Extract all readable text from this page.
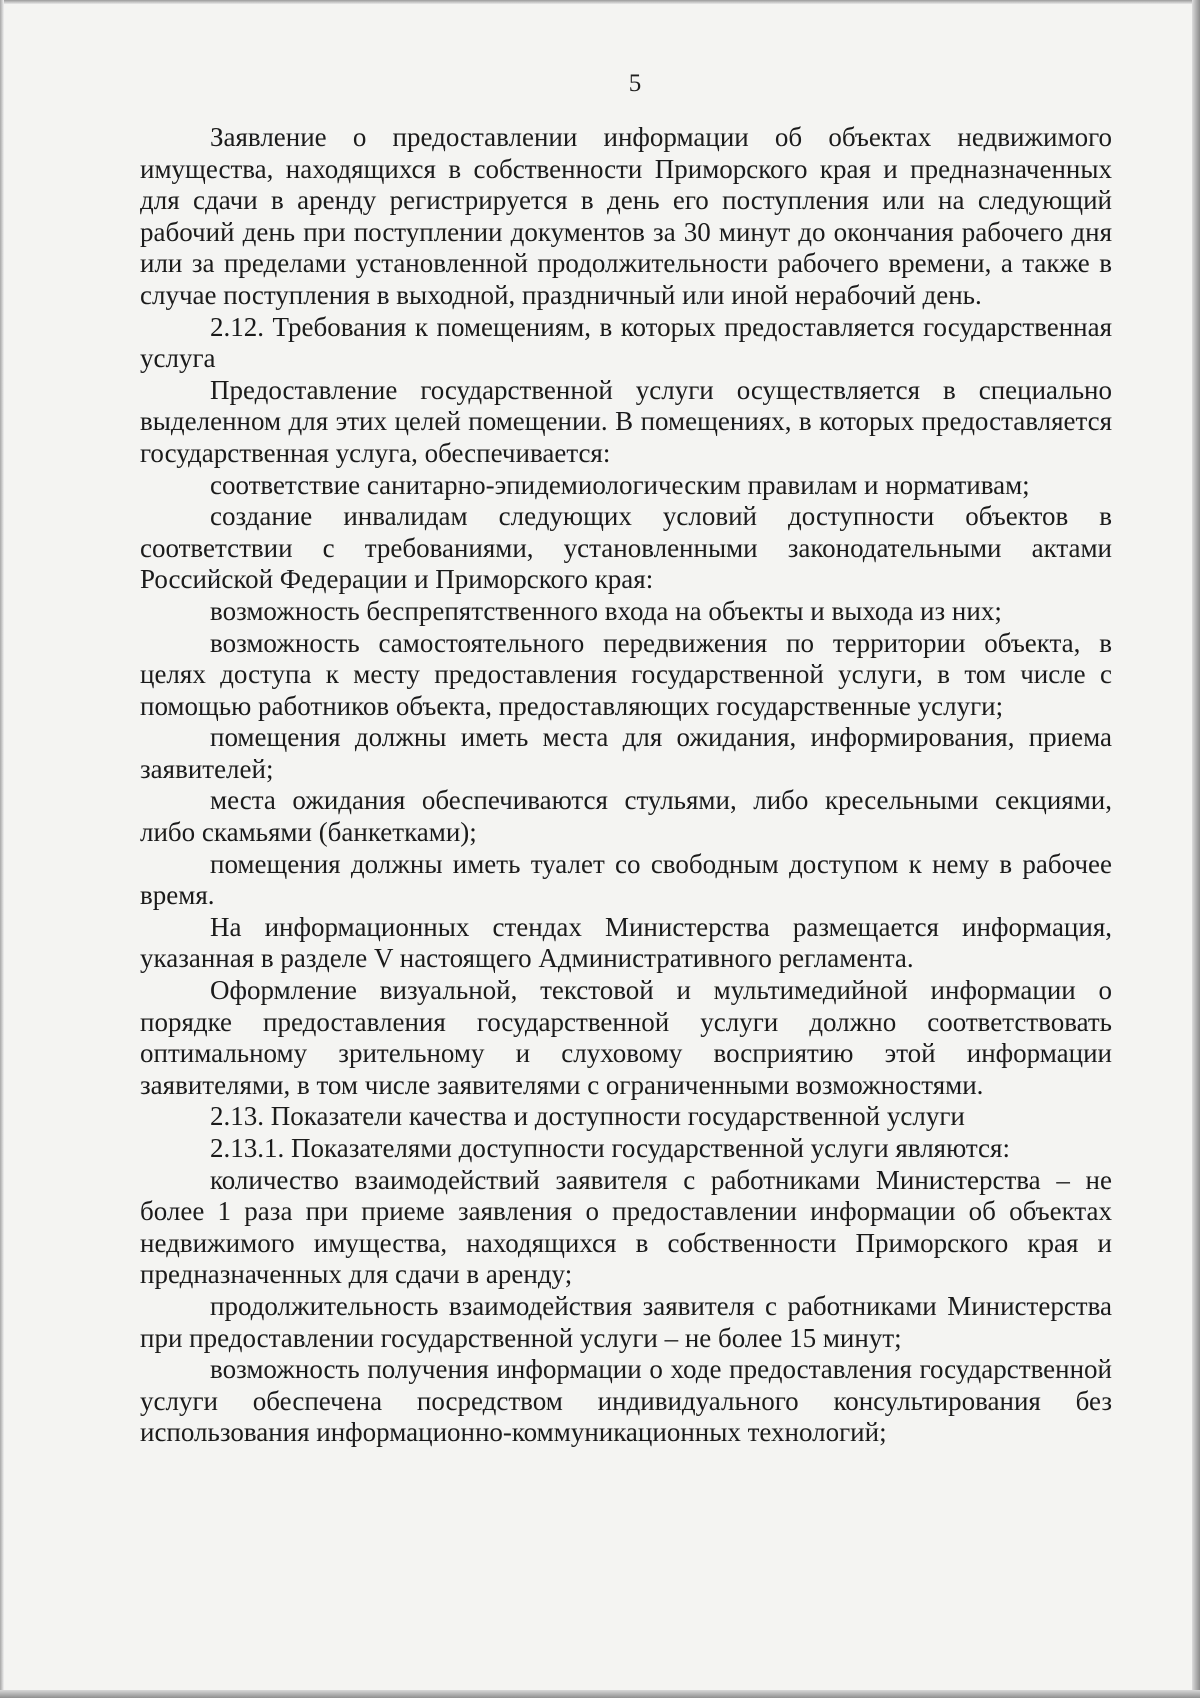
5

Заявление о предоставлении информации об объектах недвижимого имущества, находящихся в собственности Приморского края и предназначенных для сдачи в аренду регистрируется в день его поступления или на следующий рабочий день при поступлении документов за 30 минут до окончания рабочего дня или за пределами установленной продолжительности рабочего времени, а также в случае поступления в выходной, праздничный или иной нерабочий день.

2.12. Требования к помещениям, в которых предоставляется государственная услуга

Предоставление государственной услуги осуществляется в специально выделенном для этих целей помещении. В помещениях, в которых предоставляется государственная услуга, обеспечивается:

соответствие санитарно-эпидемиологическим правилам и нормативам;

создание инвалидам следующих условий доступности объектов в соответствии с требованиями, установленными законодательными актами Российской Федерации и Приморского края:

возможность беспрепятственного входа на объекты и выхода из них;

возможность самостоятельного передвижения по территории объекта, в целях доступа к месту предоставления государственной услуги, в том числе с помощью работников объекта, предоставляющих государственные услуги;

помещения должны иметь места для ожидания, информирования, приема заявителей;

места ожидания обеспечиваются стульями, либо кресельными секциями, либо скамьями (банкетками);

помещения должны иметь туалет со свободным доступом к нему в рабочее время.

На информационных стендах Министерства размещается информация, указанная в разделе V настоящего Административного регламента.

Оформление визуальной, текстовой и мультимедийной информации о порядке предоставления государственной услуги должно соответствовать оптимальному зрительному и слуховому восприятию этой информации заявителями, в том числе заявителями с ограниченными возможностями.

2.13. Показатели качества и доступности государственной услуги

2.13.1. Показателями доступности государственной услуги являются:

количество взаимодействий заявителя с работниками Министерства – не более 1 раза при приеме заявления о предоставлении информации об объектах недвижимого имущества, находящихся в собственности Приморского края и предназначенных для сдачи в аренду;

продолжительность взаимодействия заявителя с работниками Министерства при предоставлении государственной услуги – не более 15 минут;

возможность получения информации о ходе предоставления государственной услуги обеспечена посредством индивидуального консультирования без использования информационно-коммуникационных технологий;
